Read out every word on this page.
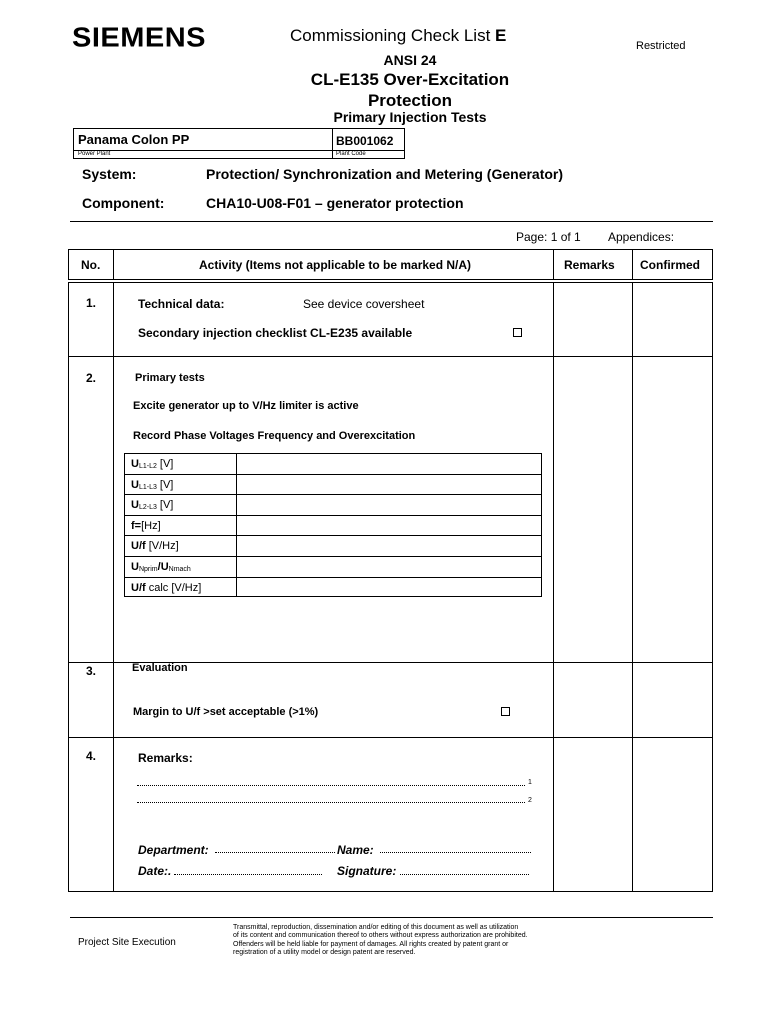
SIEMENS	Commissioning Check List E
Restricted
ANSI 24
CL-E135 Over-Excitation
Protection
Primary Injection Tests
Panama Colon PP	BB001062
Power Plant	Plant Code
System:	Protection/ Synchronization and Metering (Generator)
Component:	CHA10-U08-F01 – generator protection
Page: 1 of 1 Appendices:
No.	Activity (Items not applicable to be marked N/A)	Remarks Confirmed
1.	Technical data:	See device coversheet
Secondary injection checklist CL-E235 available
2.	Primary tests
Excite generator up to V/Hz limiter is active
Record Phase Voltages Frequency and Overexcitation
$U_{L1-L2}$ [V]
$U_{L1-L3}$ [V]
$U_{L2-L3}$ [V]
f=[Hz]
U/f [V/Hz]
$U_{Nprim}/U_{Nmach}$
U/f calc [V/Hz]
3.	Evaluation
Margin to U/f >set acceptable (>1%)
4.	Remarks:
1
2
Department:	Name:
Date:.	Signature:
Project Site Execution
Transmittal, reproduction, dissemination and/or editing of this document as well as utilization
of its content and communication thereof to others without express authorization are prohibited.
Offenders will be held liable for payment of damages. All rights created by patent grant or
registration of a utility model or design patent are reserved.
